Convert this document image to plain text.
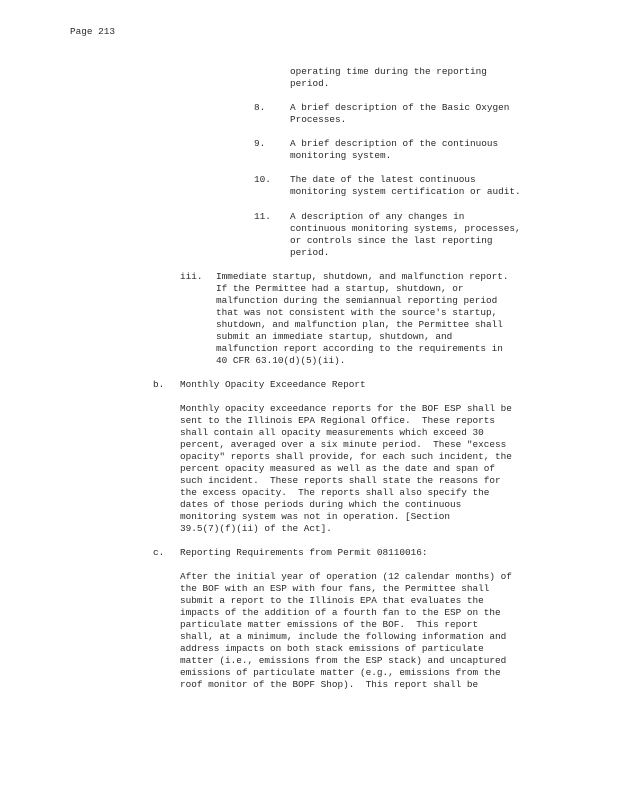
Page 213
operating time during the reporting
period.
8.	A brief description of the Basic Oxygen
Processes.
9.	A brief description of the continuous
monitoring system.
10. The date of the latest continuous
monitoring system certification or audit.
11. A description of any changes in
continuous monitoring systems, processes,
or controls since the last reporting
period.
iii. Immediate startup, shutdown, and malfunction report.
If the Permittee had a startup, shutdown, or
malfunction during the semiannual reporting period
that was not consistent with the source's startup,
shutdown, and malfunction plan, the Permittee shall
submit an immediate startup, shutdown, and
malfunction report according to the requirements in
40 CFR 63.10(d)(5)(ii).
b. Monthly Opacity Exceedance Report
Monthly opacity exceedance reports for the BOF ESP shall be
sent to the Illinois EPA Regional Office.  These reports
shall contain all opacity measurements which exceed 30
percent, averaged over a six minute period.  These "excess
opacity" reports shall provide, for each such incident, the
percent opacity measured as well as the date and span of
such incident.  These reports shall state the reasons for
the excess opacity.  The reports shall also specify the
dates of those periods during which the continuous
monitoring system was not in operation. [Section
39.5(7)(f)(ii) of the Act].
c. Reporting Requirements from Permit 08110016:
After the initial year of operation (12 calendar months) of
the BOF with an ESP with four fans, the Permittee shall
submit a report to the Illinois EPA that evaluates the
impacts of the addition of a fourth fan to the ESP on the
particulate matter emissions of the BOF.  This report
shall, at a minimum, include the following information and
address impacts on both stack emissions of particulate
matter (i.e., emissions from the ESP stack) and uncaptured
emissions of particulate matter (e.g., emissions from the
roof monitor of the BOPF Shop).  This report shall be
